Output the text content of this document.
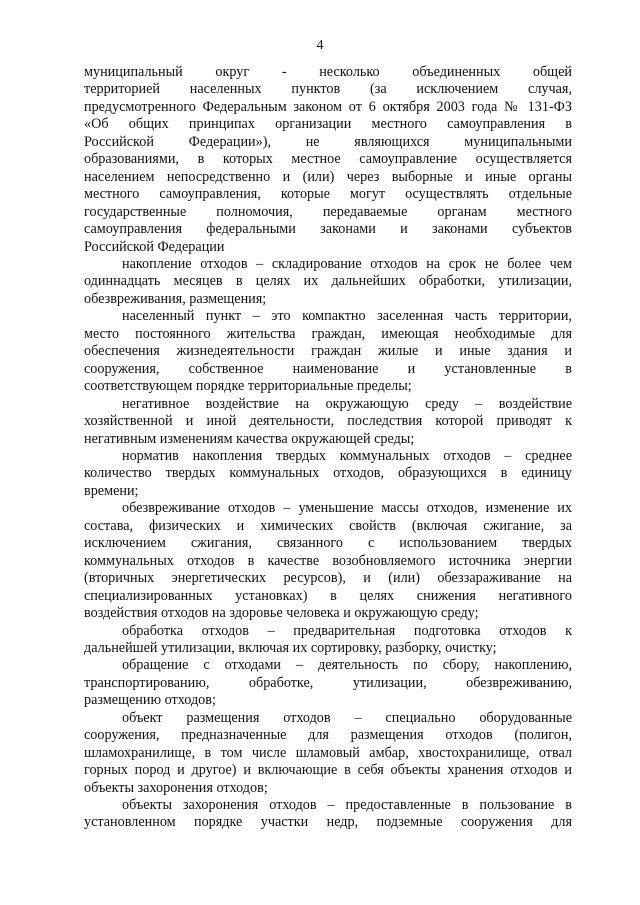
4
муниципальный округ - несколько объединенных общей
территорией населенных пунктов (за исключением случая,
предусмотренного Федеральным законом от 6 октября 2003 года № 131-ФЗ
«Об общих принципах организации местного самоуправления в
Российской Федерации»), не являющихся муниципальными
образованиями, в которых местное самоуправление осуществляется
населением непосредственно и (или) через выборные и иные органы
местного самоуправления, которые могут осуществлять отдельные
государственные полномочия, передаваемые органам местного
самоуправления федеральными законами и законами субъектов
Российской Федерации
накопление отходов – складирование отходов на срок не более чем
одиннадцать месяцев в целях их дальнейших обработки, утилизации,
обезвреживания, размещения;
населенный пункт – это компактно заселенная часть территории,
место постоянного жительства граждан, имеющая необходимые для
обеспечения жизнедеятельности граждан жилые и иные здания и
сооружения, собственное наименование и установленные в
соответствующем порядке территориальные пределы;
негативное воздействие на окружающую среду – воздействие
хозяйственной и иной деятельности, последствия которой приводят к
негативным изменениям качества окружающей среды;
норматив накопления твердых коммунальных отходов – среднее
количество твердых коммунальных отходов, образующихся в единицу
времени;
обезвреживание отходов – уменьшение массы отходов, изменение их
состава, физических и химических свойств (включая сжигание, за
исключением сжигания, связанного с использованием твердых
коммунальных отходов в качестве возобновляемого источника энергии
(вторичных энергетических ресурсов), и (или) обеззараживание на
специализированных установках) в целях снижения негативного
воздействия отходов на здоровье человека и окружающую среду;
обработка отходов – предварительная подготовка отходов к
дальнейшей утилизации, включая их сортировку, разборку, очистку;
обращение с отходами – деятельность по сбору, накоплению,
транспортированию, обработке, утилизации, обезвреживанию,
размещению отходов;
объект размещения отходов – специально оборудованные
сооружения, предназначенные для размещения отходов (полигон,
шламохранилище, в том числе шламовый амбар, хвостохранилище, отвал
горных пород и другое) и включающие в себя объекты хранения отходов и
объекты захоронения отходов;
объекты захоронения отходов – предоставленные в пользование в
установленном порядке участки недр, подземные сооружения для
